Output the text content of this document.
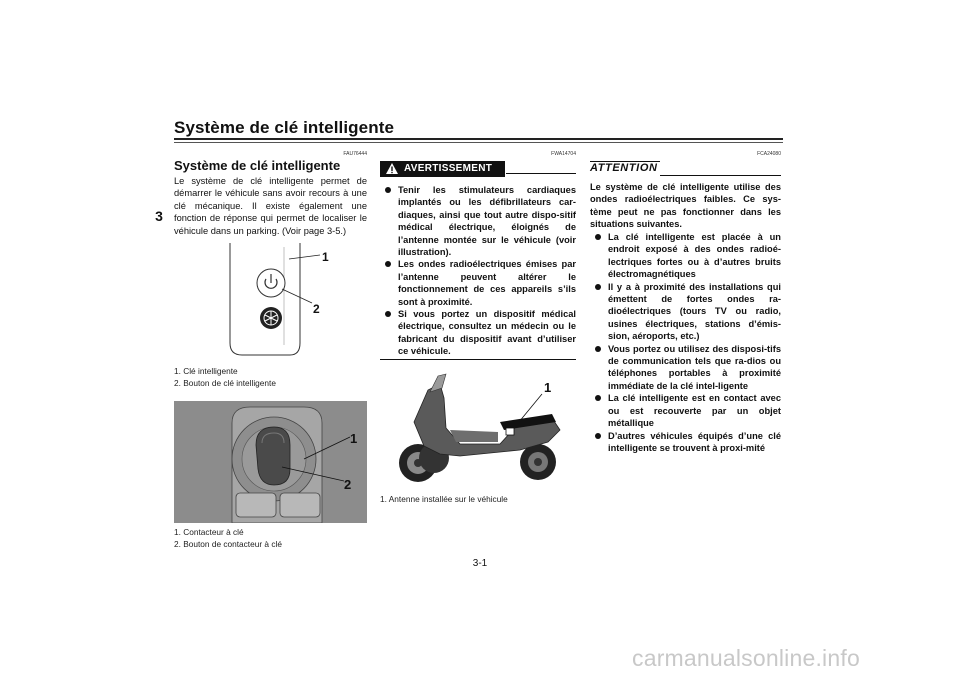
Système de clé intelligente
3
FAU76444
Système de clé intelligente
Le système de clé intelligente permet de démarrer le véhicule sans avoir recours à une clé mécanique. Il existe également une fonction de réponse qui permet de localiser le véhicule dans un parking. (Voir page 3-5.)
1
2
1. Clé intelligente
2. Bouton de clé intelligente
1
2
1. Contacteur à clé
2. Bouton de contacteur à clé
FWA14704
AVERTISSEMENT
Tenir les stimulateurs cardiaques implantés ou les défibrillateurs car-diaques, ainsi que tout autre dispo-sitif médical électrique, éloignés de l’antenne montée sur le véhicule (voir illustration).
Les ondes radioélectriques émises par l’antenne peuvent altérer le fonctionnement de ces appareils s’ils sont à proximité.
Si vous portez un dispositif médical électrique, consultez un médecin ou le fabricant du dispositif avant d’utiliser ce véhicule.
1
1. Antenne installée sur le véhicule
FCA24080
ATTENTION
Le système de clé intelligente utilise des ondes radioélectriques faibles. Ce sys-tème peut ne pas fonctionner dans les situations suivantes.
La clé intelligente est placée à un endroit exposé à des ondes radioé-lectriques fortes ou à d’autres bruits électromagnétiques
Il y a à proximité des installations qui émettent de fortes ondes ra-dioélectriques (tours TV ou radio, usines électriques, stations d’émis-sion, aéroports, etc.)
Vous portez ou utilisez des disposi-tifs de communication tels que ra-dios ou téléphones portables à proximité immédiate de la clé intel-ligente
La clé intelligente est en contact avec ou est recouverte par un objet métallique
D’autres véhicules équipés d’une clé intelligente se trouvent à proxi-mité
3-1
carmanualsonline.info
